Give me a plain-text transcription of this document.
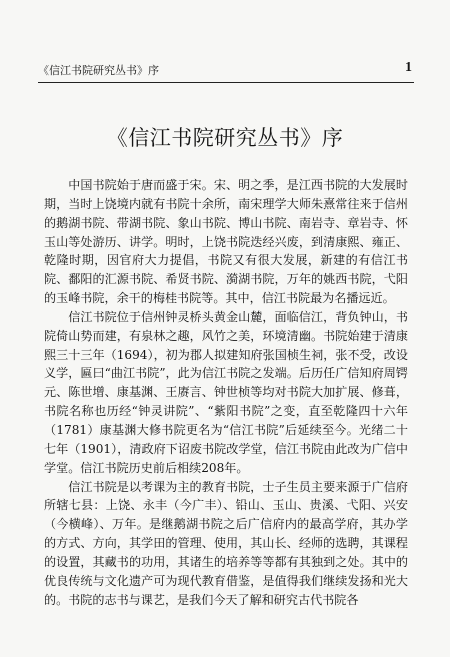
《信江书院研究丛书》序	1
《信江书院研究丛书》序

中国书院始于唐而盛于宋。宋、明之季，是江西书院的大发展时期，当时上饶境内就有书院十余所，南宋理学大师朱熹常往来于信州的鹅湖书院、带湖书院、象山书院、博山书院、南岩寺、章岩寺、怀玉山等处游历、讲学。明时，上饶书院迭经兴废，到清康熙、雍正、乾隆时期，因官府大力提倡，书院又有很大发展，新建的有信江书院、鄱阳的汇源书院、希贤书院、漪湖书院，万年的姚西书院，弋阳的玉峰书院，余干的梅桂书院等。其中，信江书院最为名播远近。

信江书院位于信州钟灵桥头黄金山麓，面临信江，背负钟山，书院倚山势而建，有泉林之趣，风竹之美，环境清幽。书院始建于清康熙三十三年（1694），初为郡人拟建知府张国桢生祠，张不受，改设义学，匾曰“曲江书院”，此为信江书院之发端。后历任广信知府周锷元、陈世增、康基渊、王赓言、钟世桢等均对书院大加扩展、修葺，书院名称也历经“钟灵讲院”、“紫阳书院”之变，直至乾隆四十六年（1781）康基渊大修书院更名为“信江书院”后延续至今。光绪二十七年（1901），清政府下诏废书院改学堂，信江书院由此改为广信中学堂。信江书院历史前后相续208年。

信江书院是以考课为主的教育书院，士子生员主要来源于广信府所辖七县：上饶、永丰（今广丰）、铅山、玉山、贵溪、弋阳、兴安（今横峰）、万年。是继鹅湖书院之后广信府内的最高学府，其办学的方式、方向，其学田的管理、使用，其山长、经师的选聘，其课程的设置，其藏书的功用，其诸生的培养等等都有其独到之处。其中的优良传统与文化遗产可为现代教育借鉴，是值得我们继续发扬和光大的。书院的志书与课艺，是我们今天了解和研究古代书院各
